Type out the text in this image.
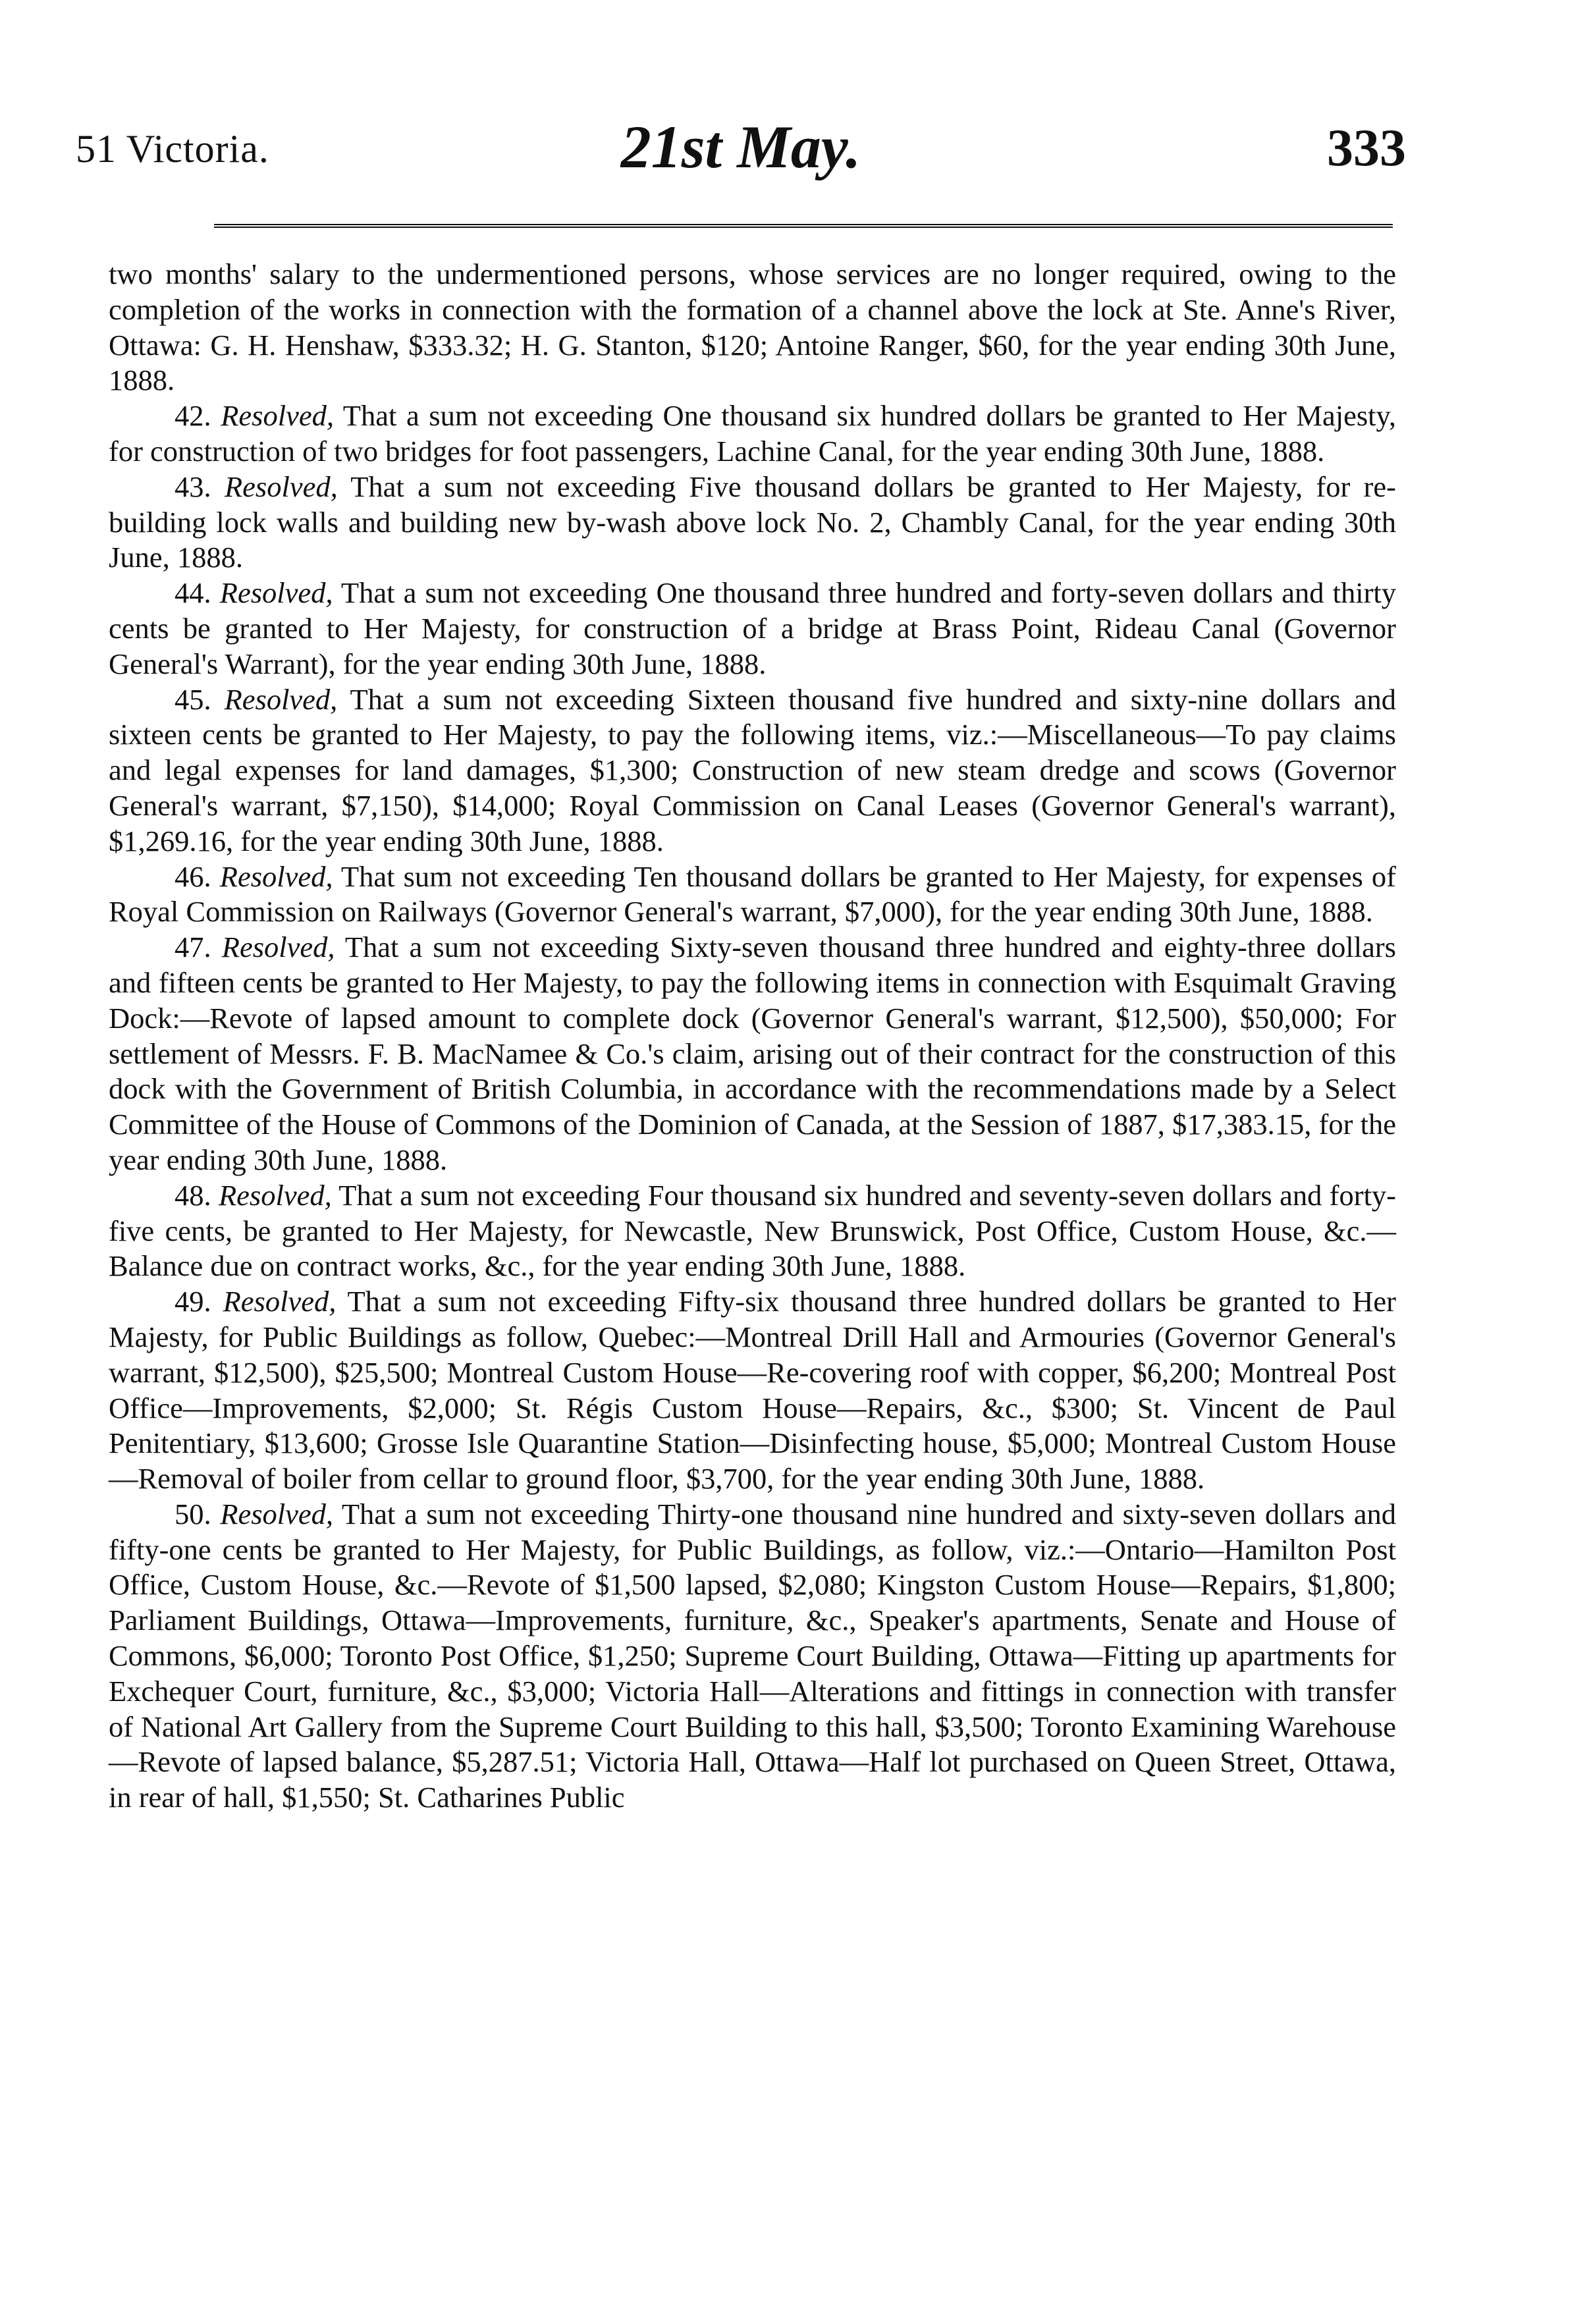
51 Victoria.	21st May.	333

two months' salary to the undermentioned persons, whose services are no longer required, owing to the completion of the works in connection with the formation of a channel above the lock at Ste. Anne's River, Ottawa: G. H. Henshaw, $333.32; H. G. Stanton, $120; Antoine Ranger, $60, for the year ending 30th June, 1888.

42. Resolved, That a sum not exceeding One thousand six hundred dollars be granted to Her Majesty, for construction of two bridges for foot passengers, Lachine Canal, for the year ending 30th June, 1888.

43. Resolved, That a sum not exceeding Five thousand dollars be granted to Her Majesty, for re-building lock walls and building new by-wash above lock No. 2, Chambly Canal, for the year ending 30th June, 1888.

44. Resolved, That a sum not exceeding One thousand three hundred and forty-seven dollars and thirty cents be granted to Her Majesty, for construction of a bridge at Brass Point, Rideau Canal (Governor General's Warrant), for the year ending 30th June, 1888.

45. Resolved, That a sum not exceeding Sixteen thousand five hundred and sixty-nine dollars and sixteen cents be granted to Her Majesty, to pay the following items, viz.:—Miscellaneous—To pay claims and legal expenses for land damages, $1,300; Construction of new steam dredge and scows (Governor General's warrant, $7,150), $14,000; Royal Commission on Canal Leases (Governor General's warrant), $1,269.16, for the year ending 30th June, 1888.

46. Resolved, That sum not exceeding Ten thousand dollars be granted to Her Majesty, for expenses of Royal Commission on Railways (Governor General's warrant, $7,000), for the year ending 30th June, 1888.

47. Resolved, That a sum not exceeding Sixty-seven thousand three hundred and eighty-three dollars and fifteen cents be granted to Her Majesty, to pay the following items in connection with Esquimalt Graving Dock:—Revote of lapsed amount to complete dock (Governor General's warrant, $12,500), $50,000; For settlement of Messrs. F. B. MacNamee & Co.'s claim, arising out of their contract for the construction of this dock with the Government of British Columbia, in accordance with the recommendations made by a Select Committee of the House of Commons of the Dominion of Canada, at the Session of 1887, $17,383.15, for the year ending 30th June, 1888.

48. Resolved, That a sum not exceeding Four thousand six hundred and seventy-seven dollars and forty-five cents, be granted to Her Majesty, for Newcastle, New Brunswick, Post Office, Custom House, &c.—Balance due on contract works, &c., for the year ending 30th June, 1888.

49. Resolved, That a sum not exceeding Fifty-six thousand three hundred dollars be granted to Her Majesty, for Public Buildings as follow, Quebec:—Montreal Drill Hall and Armouries (Governor General's warrant, $12,500), $25,500; Montreal Custom House—Re-covering roof with copper, $6,200; Montreal Post Office—Improvements, $2,000; St. Régis Custom House—Repairs, &c., $300; St. Vincent de Paul Penitentiary, $13,600; Grosse Isle Quarantine Station—Disinfecting house, $5,000; Montreal Custom House—Removal of boiler from cellar to ground floor, $3,700, for the year ending 30th June, 1888.

50. Resolved, That a sum not exceeding Thirty-one thousand nine hundred and sixty-seven dollars and fifty-one cents be granted to Her Majesty, for Public Buildings, as follow, viz.:—Ontario—Hamilton Post Office, Custom House, &c.—Revote of $1,500 lapsed, $2,080; Kingston Custom House—Repairs, $1,800; Parliament Buildings, Ottawa—Improvements, furniture, &c., Speaker's apartments, Senate and House of Commons, $6,000; Toronto Post Office, $1,250; Supreme Court Building, Ottawa—Fitting up apartments for Exchequer Court, furniture, &c., $3,000; Victoria Hall—Alterations and fittings in connection with transfer of National Art Gallery from the Supreme Court Building to this hall, $3,500; Toronto Examining Warehouse—Revote of lapsed balance, $5,287.51; Victoria Hall, Ottawa—Half lot purchased on Queen Street, Ottawa, in rear of hall, $1,550; St. Catharines Public
